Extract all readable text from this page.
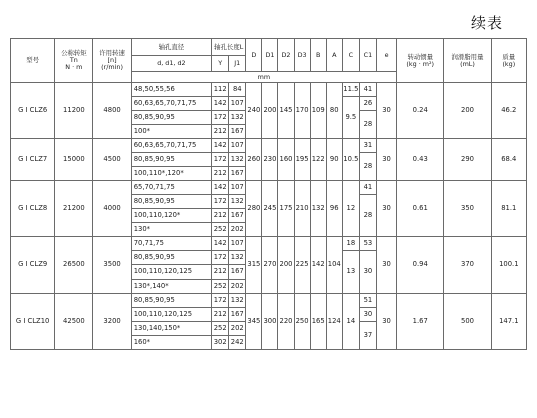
续表
型号	公称转矩
Tn
N · m	许用转速
[n]
(r/min)	轴孔直径	轴孔长度L		D	D1	D2	D3	B	A	C	C1	e	转动惯量
(kg · m²)	润滑脂用量
(mL)	质量
(kg)
			d, d1, d2	Y	J1												
			mm														
G I CLZ6	11200	4800	48,50,55,56	112	84	240	200	145	170	109	80	11.5	41	30	0.24	200	46.2
			60,63,65,70,71,75	142	107							9.5	26				
			80,85,90,95	172	132								28				
			100*	212	167												
G I CLZ7	15000	4500	60,63,65,70,71,75	142	107	260	230	160	195	122	90	10.5	31	30	0.43	290	68.4
			80,85,90,95	172	132								28				
			100,110*,120*	212	167												
G I CLZ8	21200	4000	65,70,71,75	142	107	280	245	175	210	132	96	12	41	30	0.61	350	81.1
			80,85,90,95	172	132								28				
			100,110,120*	212	167												
			130*	252	202												
G I CLZ9	26500	3500	70,71,75	142	107	315	270	200	225	142	104	18	53	30	0.94	370	100.1
			80,85,90,95	172	132							13	30				
			100,110,120,125	212	167												
			130*,140*	252	202												
G I CLZ10	42500	3200	80,85,90,95	172	132	345	300	220	250	165	124	14	51	30	1.67	500	147.1
			100,110,120,125	212	167								30				
			130,140,150*	252	202								37				
			160*	302	242												
